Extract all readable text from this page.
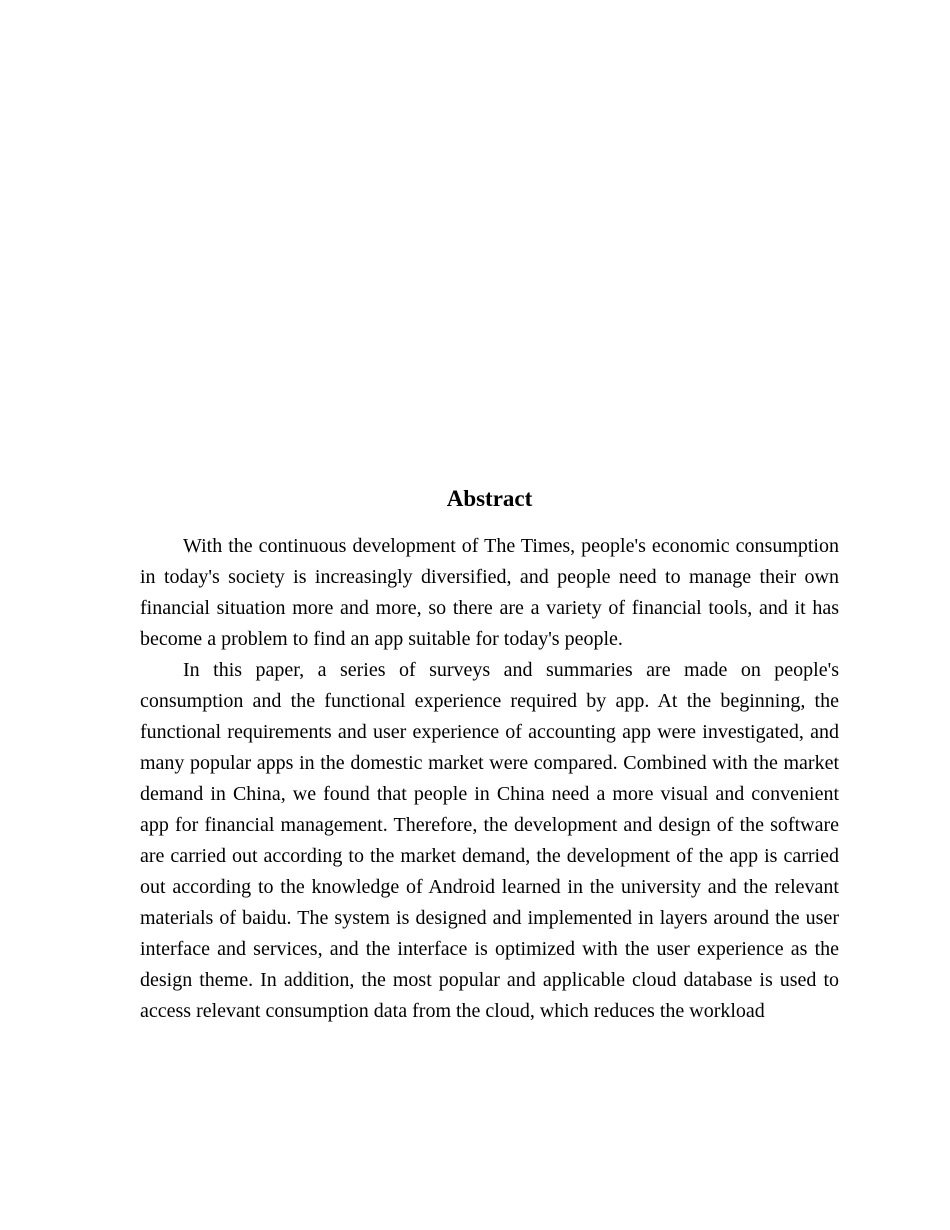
Abstract

With the continuous development of The Times, people's economic consumption in today's society is increasingly diversified, and people need to manage their own financial situation more and more, so there are a variety of financial tools, and it has become a problem to find an app suitable for today's people.

In this paper, a series of surveys and summaries are made on people's consumption and the functional experience required by app. At the beginning, the functional requirements and user experience of accounting app were investigated, and many popular apps in the domestic market were compared. Combined with the market demand in China, we found that people in China need a more visual and convenient app for financial management. Therefore, the development and design of the software are carried out according to the market demand, the development of the app is carried out according to the knowledge of Android learned in the university and the relevant materials of baidu. The system is designed and implemented in layers around the user interface and services, and the interface is optimized with the user experience as the design theme. In addition, the most popular and applicable cloud database is used to access relevant consumption data from the cloud, which reduces the workload
